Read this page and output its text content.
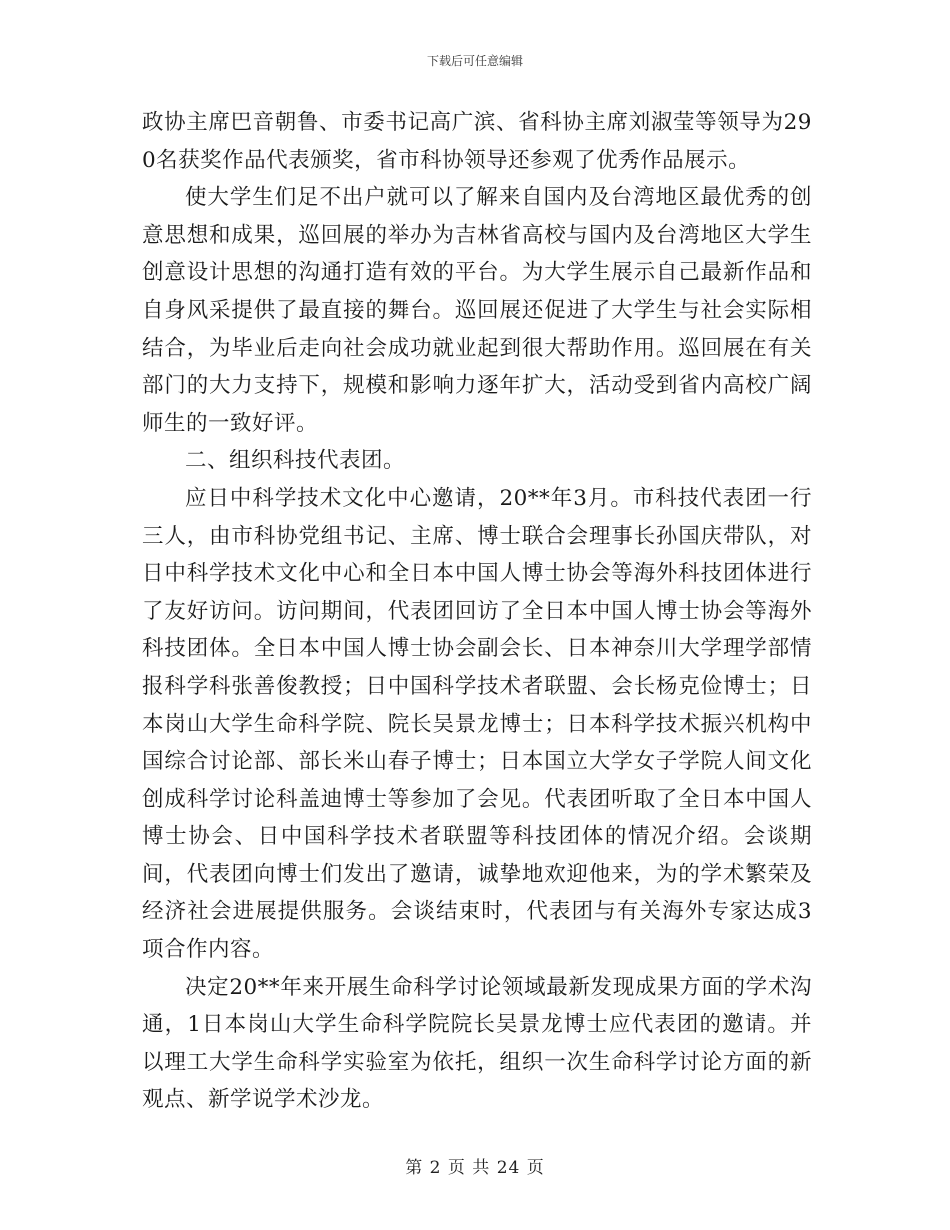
下载后可任意编辑

政协主席巴音朝鲁、市委书记高广滨、省科协主席刘淑莹等领导为290名获奖作品代表颁奖，省市科协领导还参观了优秀作品展示。

使大学生们足不出户就可以了解来自国内及台湾地区最优秀的创意思想和成果，巡回展的举办为吉林省高校与国内及台湾地区大学生创意设计思想的沟通打造有效的平台。为大学生展示自己最新作品和自身风采提供了最直接的舞台。巡回展还促进了大学生与社会实际相结合，为毕业后走向社会成功就业起到很大帮助作用。巡回展在有关部门的大力支持下，规模和影响力逐年扩大，活动受到省内高校广阔师生的一致好评。

二、组织科技代表团。

应日中科学技术文化中心邀请，20**年3月。市科技代表团一行三人，由市科协党组书记、主席、博士联合会理事长孙国庆带队，对日中科学技术文化中心和全日本中国人博士协会等海外科技团体进行了友好访问。访问期间，代表团回访了全日本中国人博士协会等海外科技团体。全日本中国人博士协会副会长、日本神奈川大学理学部情报科学科张善俊教授；日中国科学技术者联盟、会长杨克俭博士；日本岗山大学生命科学院、院长吴景龙博士；日本科学技术振兴机构中国综合讨论部、部长米山春子博士；日本国立大学女子学院人间文化创成科学讨论科盖迪博士等参加了会见。代表团听取了全日本中国人博士协会、日中国科学技术者联盟等科技团体的情况介绍。会谈期间，代表团向博士们发出了邀请，诚挚地欢迎他来，为的学术繁荣及经济社会进展提供服务。会谈结束时，代表团与有关海外专家达成3项合作内容。

决定20**年来开展生命科学讨论领域最新发现成果方面的学术沟通，1日本岗山大学生命科学院院长吴景龙博士应代表团的邀请。并以理工大学生命科学实验室为依托，组织一次生命科学讨论方面的新观点、新学说学术沙龙。

第 2 页 共 24 页
